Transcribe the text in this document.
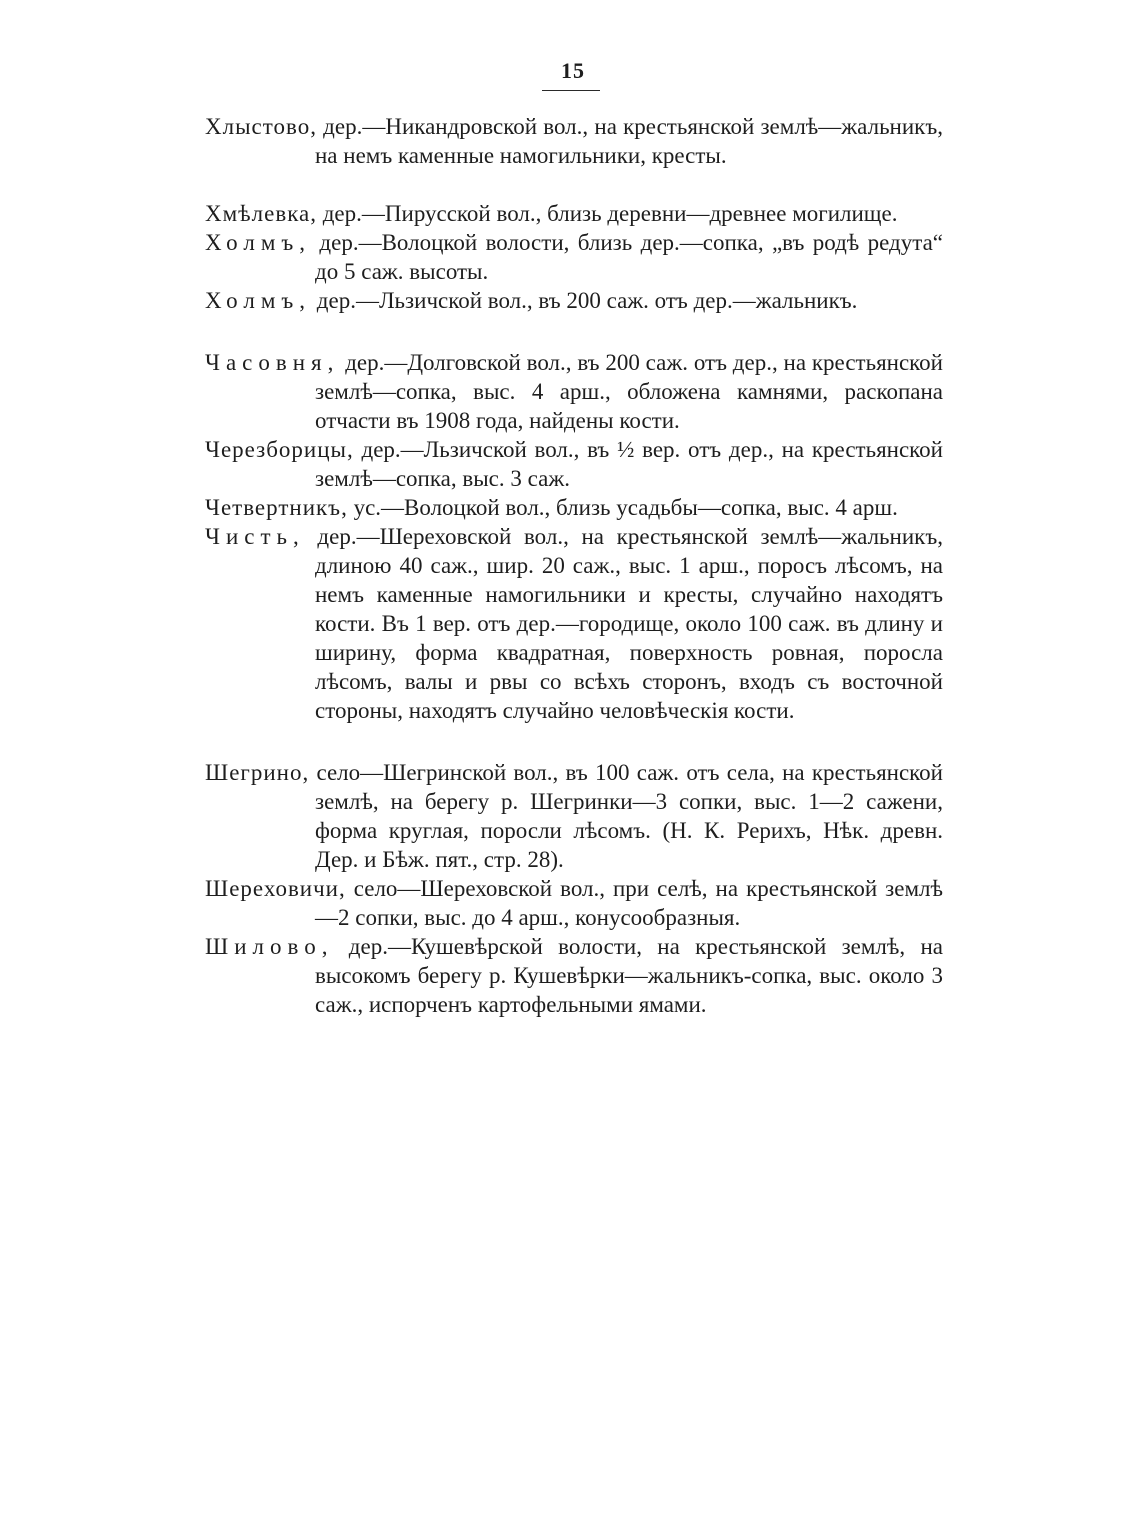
15

Хлыстово, дер.—Никандровской вол., на крестьянской землѣ—жальникъ, на немъ каменные намогильники, кресты.

Хмѣлевка, дер.—Пирусской вол., близь деревни—древнее могилище.

Холмъ, дер.—Волоцкой волости, близь дер.—сопка, „въ родѣ редута“ до 5 саж. высоты.

Холмъ, дер.—Льзичской вол., въ 200 саж. отъ дер.—жальникъ.

Часовня, дер.—Долговской вол., въ 200 саж. отъ дер., на крестьянской землѣ—сопка, выс. 4 арш., обложена камнями, раскопана отчасти въ 1908 года, найдены кости.

Черезборицы, дер.—Льзичской вол., въ ½ вер. отъ дер., на крестьянской землѣ—сопка, выс. 3 саж.

Четвертникъ, ус.—Волоцкой вол., близь усадьбы—сопка, выс. 4 арш.

Чисть, дер.—Шереховской вол., на крестьянской землѣ—жальникъ, длиною 40 саж., шир. 20 саж., выс. 1 арш., поросъ лѣсомъ, на немъ каменные намогильники и кресты, случайно находятъ кости. Въ 1 вер. отъ дер.—городище, около 100 саж. въ длину и ширину, форма квадратная, поверхность ровная, поросла лѣсомъ, валы и рвы со всѣхъ сторонъ, входъ съ восточной стороны, находятъ случайно человѣческія кости.

Шегрино, село—Шегринской вол., въ 100 саж. отъ села, на крестьянской землѣ, на берегу р. Шегринки—3 сопки, выс. 1—2 сажени, форма круглая, поросли лѣсомъ. (Н. К. Рерихъ, Нѣк. древн. Дер. и Бѣж. пят., стр. 28).

Шереховичи, село—Шереховской вол., при селѣ, на крестьянской землѣ—2 сопки, выс. до 4 арш., конусообразныя.

Шилово, дер.—Кушевѣрской волости, на крестьянской землѣ, на высокомъ берегу р. Кушевѣрки—жальникъ-сопка, выс. около 3 саж., испорченъ картофельными ямами.
